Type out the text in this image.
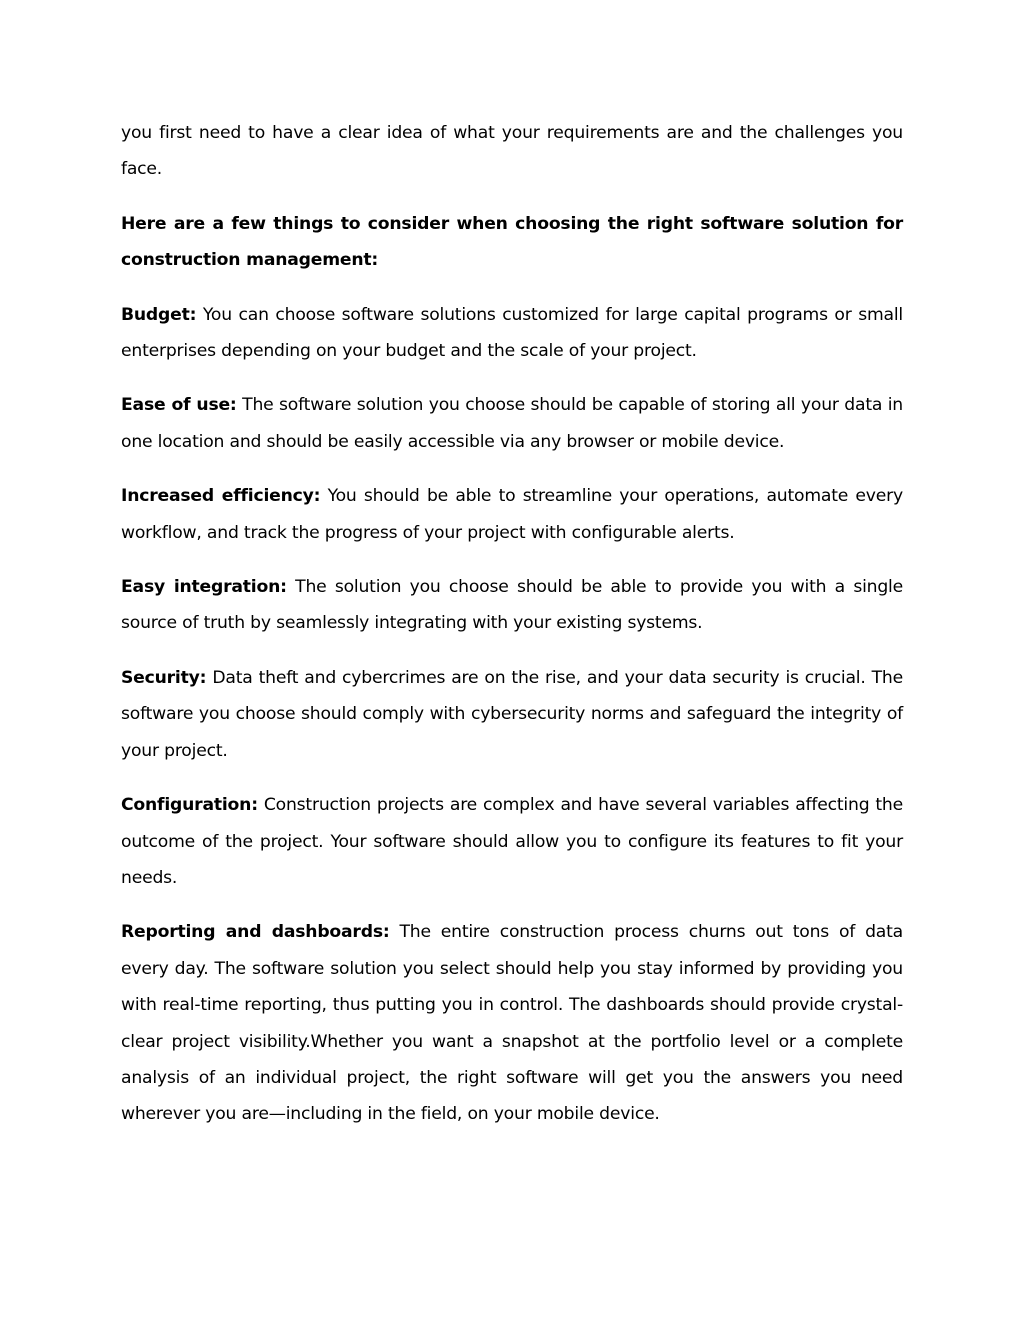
you first need to have a clear idea of what your requirements are and the challenges you face.

Here are a few things to consider when choosing the right software solution for construction management:

Budget: You can choose software solutions customized for large capital programs or small enterprises depending on your budget and the scale of your project.

Ease of use: The software solution you choose should be capable of storing all your data in one location and should be easily accessible via any browser or mobile device.

Increased efficiency: You should be able to streamline your operations, automate every workflow, and track the progress of your project with configurable alerts.

Easy integration: The solution you choose should be able to provide you with a single source of truth by seamlessly integrating with your existing systems.

Security: Data theft and cybercrimes are on the rise, and your data security is crucial. The software you choose should comply with cybersecurity norms and safeguard the integrity of your project.

Configuration: Construction projects are complex and have several variables affecting the outcome of the project. Your software should allow you to configure its features to fit your needs.

Reporting and dashboards: The entire construction process churns out tons of data every day. The software solution you select should help you stay informed by providing you with real-time reporting, thus putting you in control. The dashboards should provide crystal-clear project visibility.Whether you want a snapshot at the portfolio level or a complete analysis of an individual project, the right software will get you the answers you need wherever you are—including in the field, on your mobile device.
